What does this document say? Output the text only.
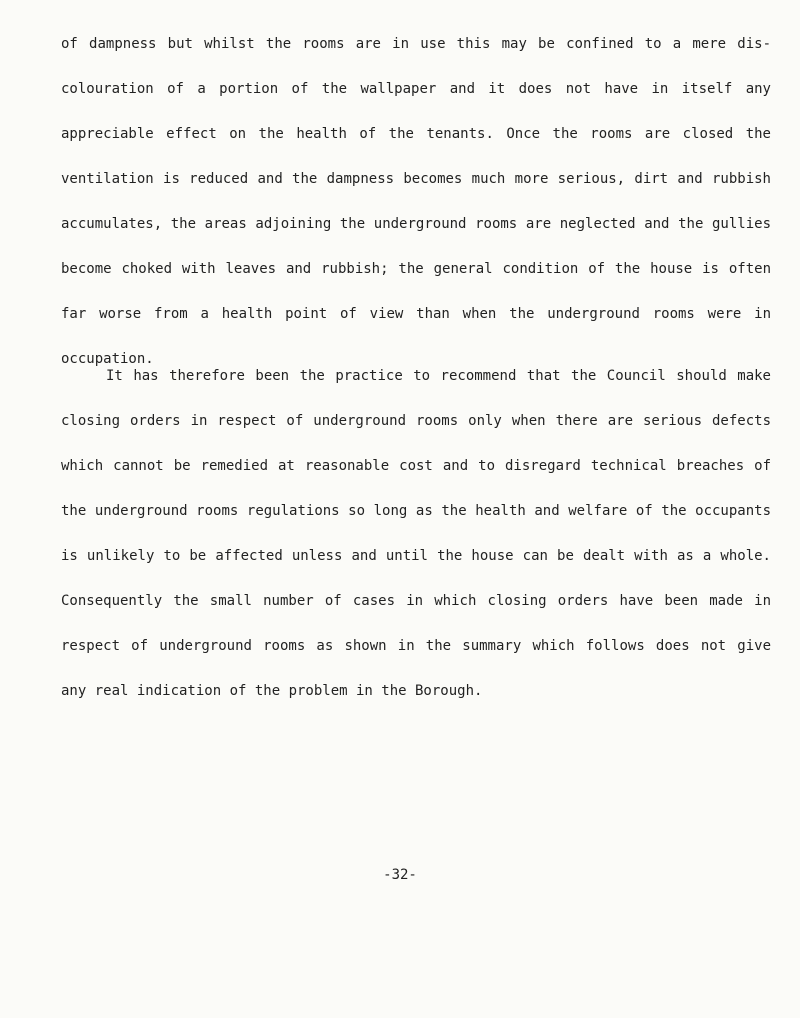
of dampness but whilst the rooms are in use this may be confined to a mere dis-
colouration of a portion of the wallpaper and it does not have in itself any
appreciable effect on the health of the tenants. Once the rooms are closed the
ventilation is reduced and the dampness becomes much more serious, dirt and rubbish
accumulates, the areas adjoining the underground rooms are neglected and the gullies
become choked with leaves and rubbish; the general condition of the house is often
far worse from a health point of view than when the underground rooms were in
occupation.
It has therefore been the practice to recommend that the Council should make
closing orders in respect of underground rooms only when there are serious defects
which cannot be remedied at reasonable cost and to disregard technical breaches of
the underground rooms regulations so long as the health and welfare of the occupants
is unlikely to be affected unless and until the house can be dealt with as a whole.
Consequently the small number of cases in which closing orders have been made in
respect of underground rooms as shown in the summary which follows does not give
any real indication of the problem in the Borough.
-32-
